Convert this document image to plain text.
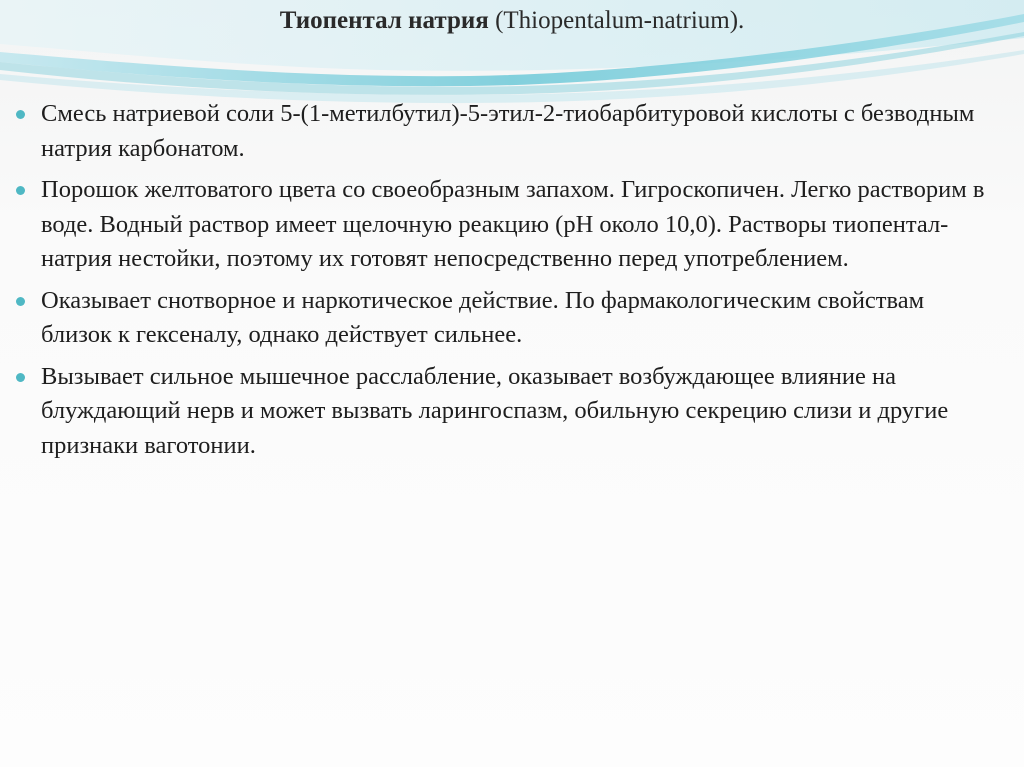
Тиопентал натрия (Thiopentalum-natrium).
Смесь натриевой соли 5-(1-метилбутил)-5-этил-2-тиобарбитуровой кислоты с безводным натрия карбонатом.
Порошок желтоватого цвета со своеобразным запахом. Гигроскопичен. Легко растворим в воде. Водный раствор имеет щелочную реакцию (рН около 10,0). Растворы тиопентал-натрия нестойки, поэтому их готовят непосредственно перед употреблением.
Оказывает снотворное и наркотическое действие. По фармакологическим свойствам близок к гексеналу, однако действует сильнее.
Вызывает сильное мышечное расслабление, оказывает возбуждающее влияние на блуждающий нерв и может вызвать ларингоспазм, обильную секрецию слизи и другие признаки ваготонии.
